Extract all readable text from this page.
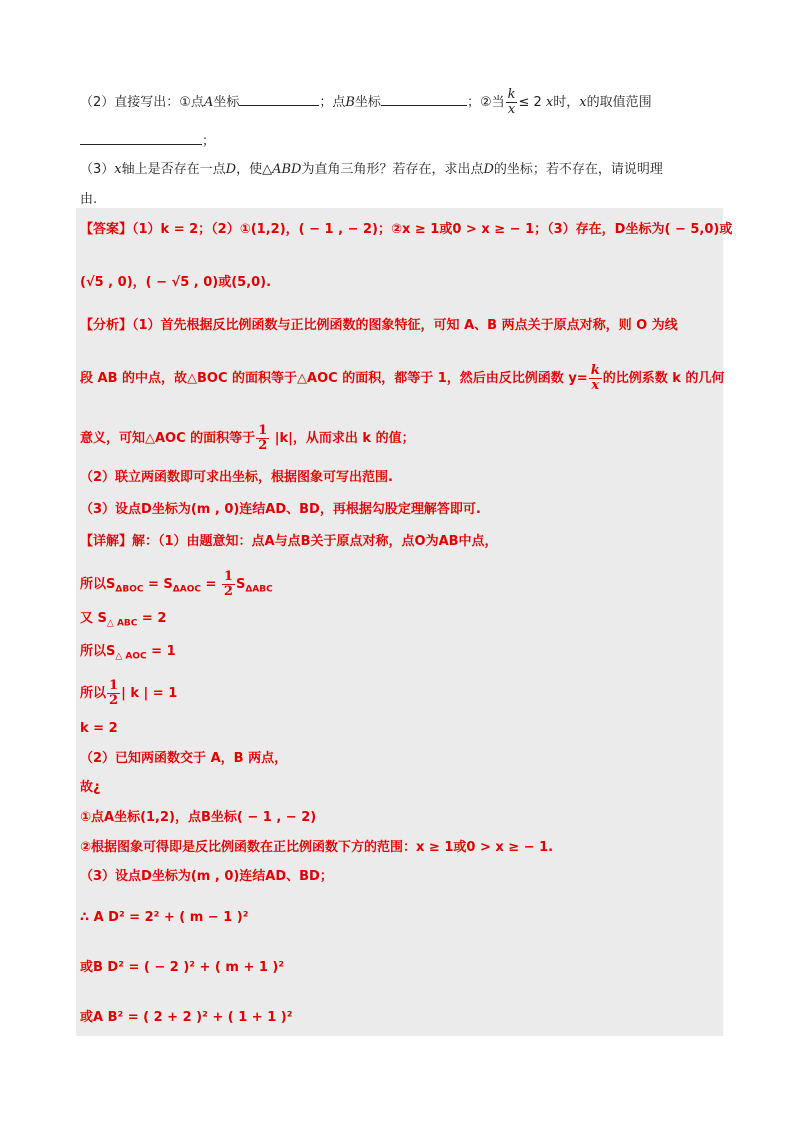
（2）直接写出：①点A坐标	；点B坐标	；②当 $\frac{k}{x} \le 2$ x时，x的取值范围
；
（3）x轴上是否存在一点D，使△ABD为直角三角形？若存在，求出点D的坐标；若不存在，请说明理
由.
【答案】（1）k = 2；（2）①(1,2)，( − 1 , − 2)；②x ≥ 1或0 > x ≥ − 1；（3）存在，D坐标为( − 5,0)或
(√5 , 0)，( − √5 , 0)或(5,0).
【分析】（1）首先根据反比例函数与正比例函数的图象特征，可知 A、B 两点关于原点对称，则 O 为线
段 AB 的中点，故△BOC 的面积等于△AOC 的面积，都等于 1，然后由反比例函数 $y= \frac{k}{x}$ 的比例系数 k 的几何
意义，可知△AOC 的面积等于 $\frac{1}{2} |k|$，从而求出 k 的值；
（2）联立两函数即可求出坐标，根据图象可写出范围.
（3）设点D坐标为(m , 0)连结AD、BD，再根据勾股定理解答即可.
【详解】解：（1）由题意知：点A与点B关于原点对称，点O为AB中点，
所以$S_{\Delta BOC} = S_{\Delta AOC} = \frac{1}{2} S_{\Delta ABC}$
又 $S_{\triangle ABC} = 2$
所以$S_{\triangle AOC} = 1$
所以 $\frac{1}{2}$ | k | = 1
k = 2
（2）已知两函数交于 A，B 两点，
故¿
①点A坐标(1,2)，点B坐标( − 1 , − 2)
②根据图象可得即是反比例函数在正比例函数下方的范围：x ≥ 1或0 > x ≥ − 1.
（3）设点D坐标为(m , 0)连结AD、BD；
∴ A D² = 2² + ( m − 1 )²
或B D² = ( − 2 )² + ( m + 1 )²
或A B² = ( 2 + 2 )² + ( 1 + 1 )²
